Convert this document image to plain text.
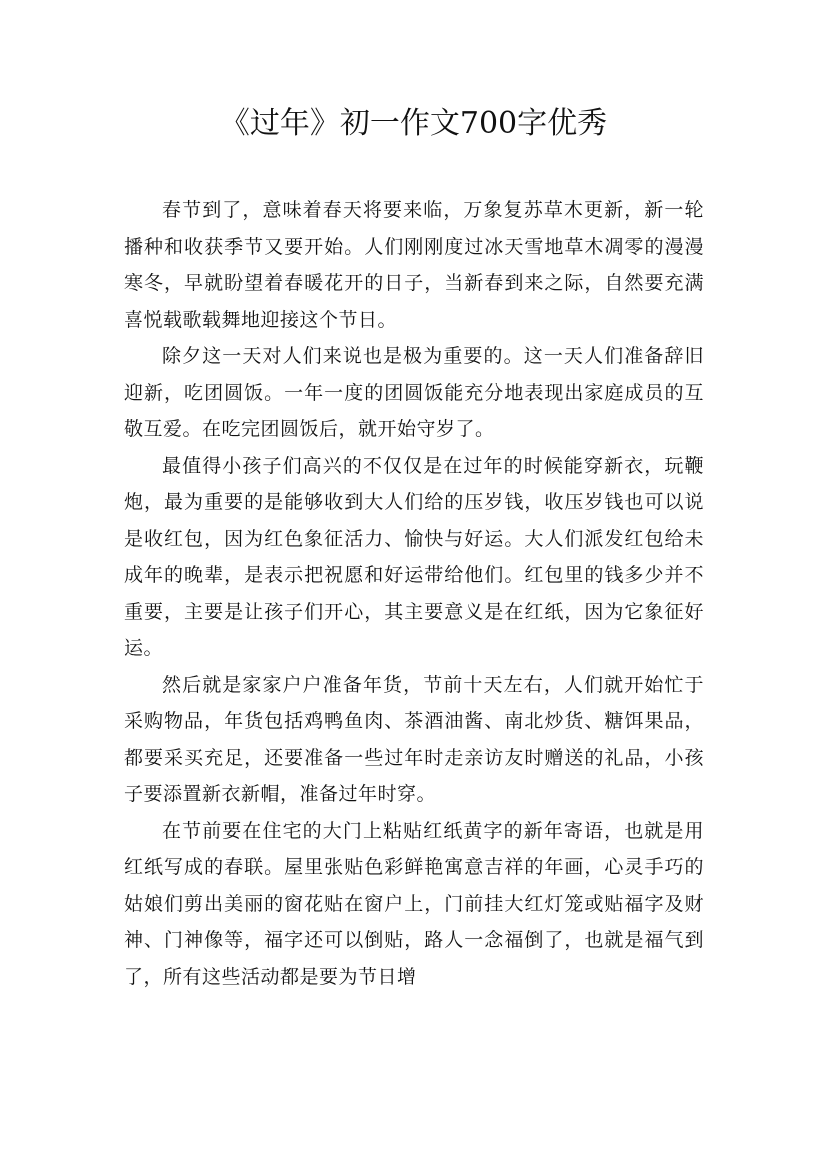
《过年》初一作文700字优秀

春节到了，意味着春天将要来临，万象复苏草木更新，新一轮播种和收获季节又要开始。人们刚刚度过冰天雪地草木凋零的漫漫寒冬，早就盼望着春暖花开的日子，当新春到来之际，自然要充满喜悦载歌载舞地迎接这个节日。

除夕这一天对人们来说也是极为重要的。这一天人们准备辞旧迎新，吃团圆饭。一年一度的团圆饭能充分地表现出家庭成员的互敬互爱。在吃完团圆饭后，就开始守岁了。

最值得小孩子们高兴的不仅仅是在过年的时候能穿新衣，玩鞭炮，最为重要的是能够收到大人们给的压岁钱，收压岁钱也可以说是收红包，因为红色象征活力、愉快与好运。大人们派发红包给未成年的晚辈，是表示把祝愿和好运带给他们。红包里的钱多少并不重要，主要是让孩子们开心，其主要意义是在红纸，因为它象征好运。

然后就是家家户户准备年货，节前十天左右，人们就开始忙于采购物品，年货包括鸡鸭鱼肉、茶酒油酱、南北炒货、糖饵果品，都要采买充足，还要准备一些过年时走亲访友时赠送的礼品，小孩子要添置新衣新帽，准备过年时穿。

在节前要在住宅的大门上粘贴红纸黄字的新年寄语，也就是用红纸写成的春联。屋里张贴色彩鲜艳寓意吉祥的年画，心灵手巧的姑娘们剪出美丽的窗花贴在窗户上，门前挂大红灯笼或贴福字及财神、门神像等，福字还可以倒贴，路人一念福倒了，也就是福气到了，所有这些活动都是要为节日增
